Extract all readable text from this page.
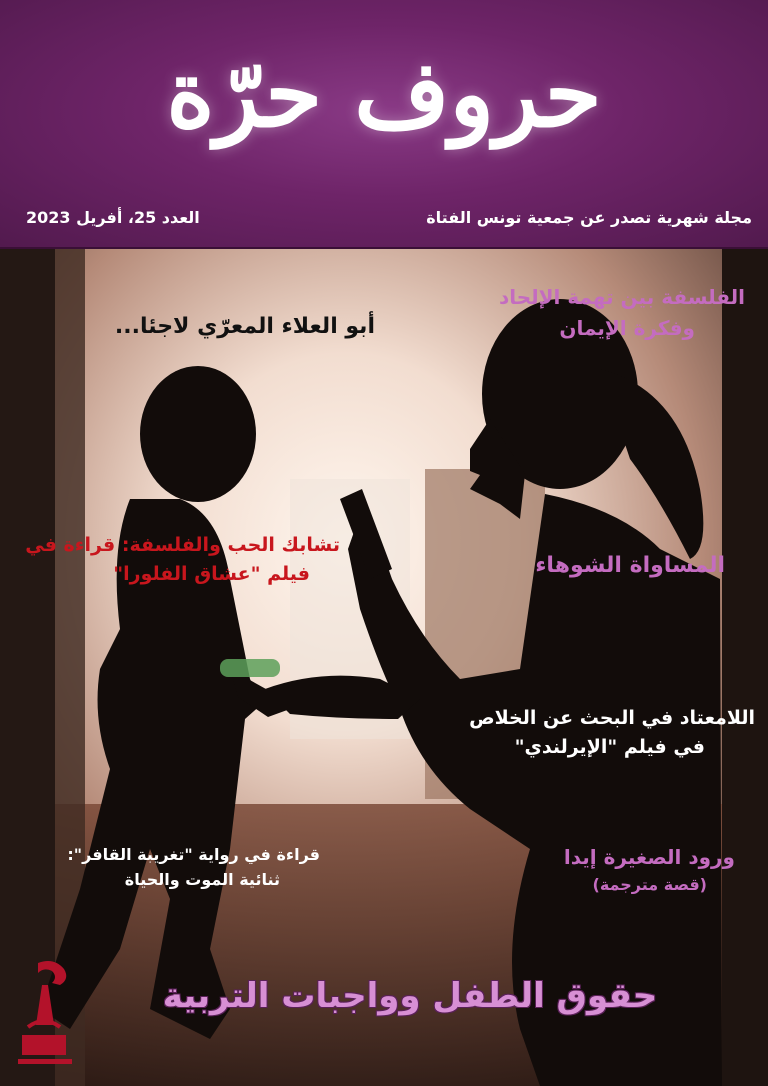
حروف حرّة
العدد 25، أفريل 2023	مجلة شهرية تصدر عن جمعية تونس الفتاة
أبو العلاء المعرّي لاجئا...
الفلسفة بين تهمة الإلحاد
وفكرة الإيمان
تشابك الحب والفلسفة: قراءة في
فيلم "عشاق الفلورا"	المساواة الشوهاء
اللامعتاد في البحث عن الخلاص
في فيلم "الإيرلندي"
ورود الصغيرة إيدا
(قصة مترجمة)
قراءة في رواية "تغريبة القافر":
ثنائية الموت والحياة
حقوق الطفل وواجبات التربية
